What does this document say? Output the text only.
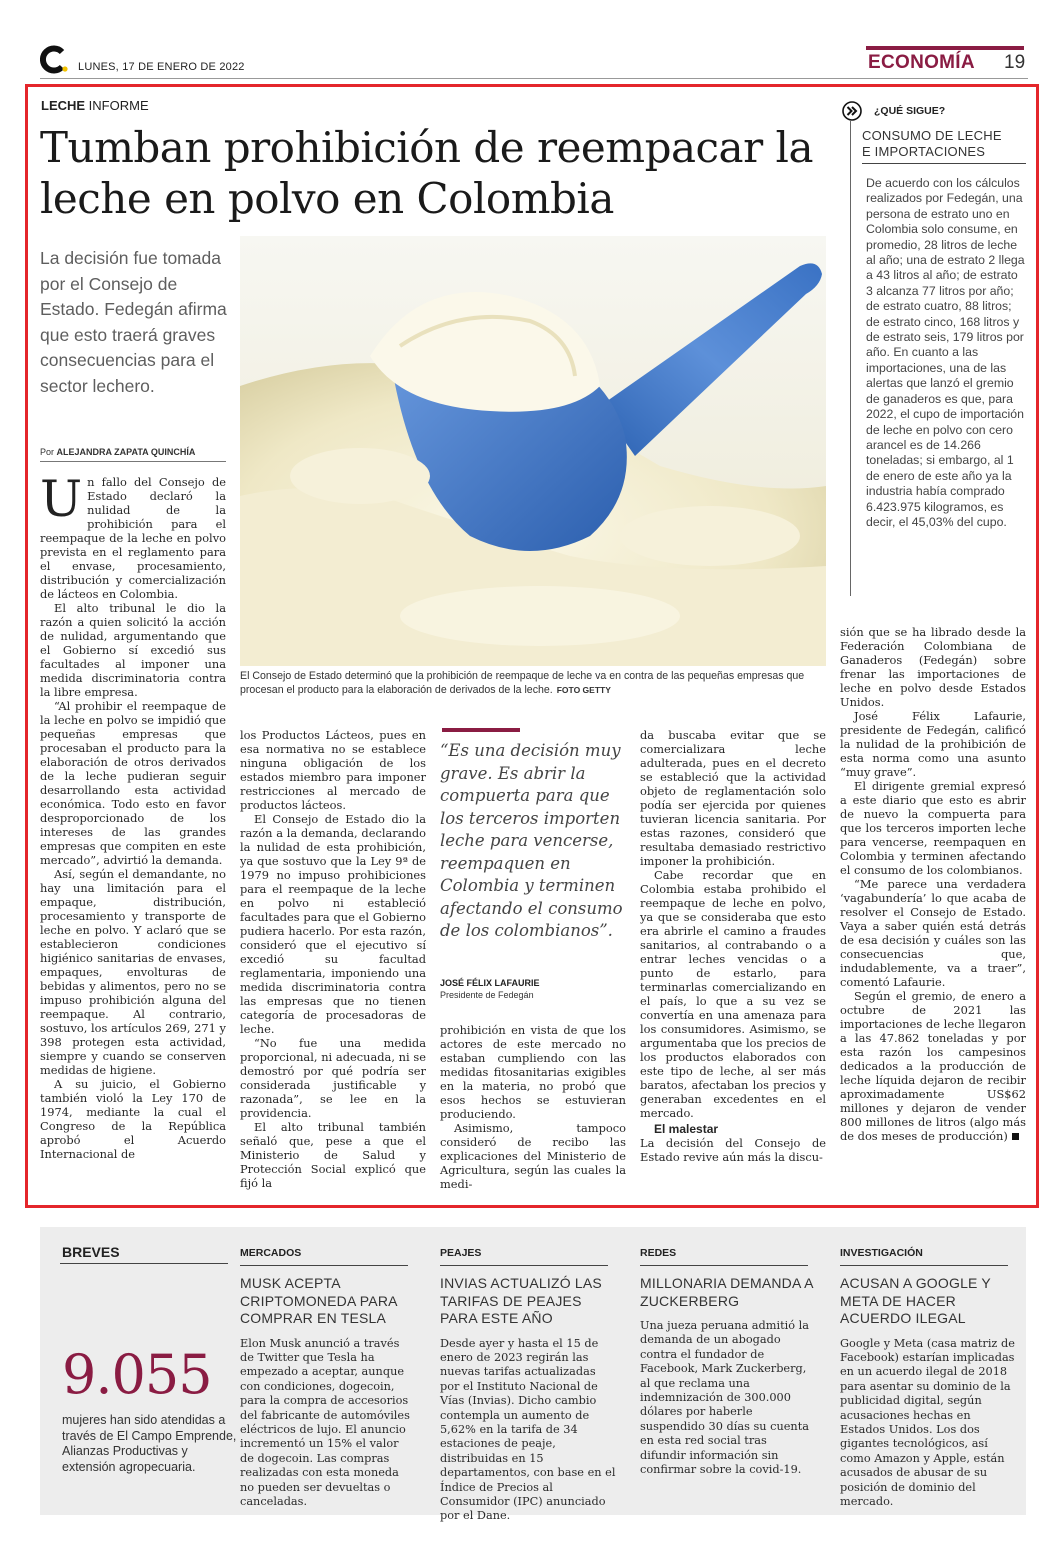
LUNES, 17 DE ENERO DE 2022	ECONOMÍA 19
LECHE INFORME
Tumban prohibición de reempacar la leche en polvo en Colombia
La decisión fue tomada por el Consejo de Estado. Fedegán afirma que esto traerá graves consecuencias para el sector lechero.
Por ALEJANDRA ZAPATA QUINCHÍA

Un fallo del Consejo de Estado declaró la nulidad de la prohibición para el reempaque de la leche en polvo prevista en el reglamento para el envase, procesamiento, distribución y comercialización de lácteos en Colombia.

El alto tribunal le dio la razón a quien solicitó la acción de nulidad, argumentando que el Gobierno sí excedió sus facultades al imponer una medida discriminatoria contra la libre empresa.

“Al prohibir el reempaque de la leche en polvo se impidió que pequeñas empresas que procesaban el producto para la elaboración de otros derivados de la leche pudieran seguir desarrollando esta actividad económica. Todo esto en favor desproporcionado de los intereses de las grandes empresas que compiten en este mercado”, advirtió la demanda.

Así, según el demandante, no hay una limitación para el empaque, distribución, procesamiento y transporte de leche en polvo. Y aclaró que se establecieron condiciones higiénico sanitarias de envases, empaques, envolturas de bebidas y alimentos, pero no se impuso prohibición alguna del reempaque. Al contrario, sostuvo, los artículos 269, 271 y 398 protegen esta actividad, siempre y cuando se conserven medidas de higiene.

A su juicio, el Gobierno también violó la Ley 170 de 1974, mediante la cual el Congreso de la República aprobó el Acuerdo Internacional de

El Consejo de Estado determinó que la prohibición de reempaque de leche va en contra de las pequeñas empresas que procesan el producto para la elaboración de derivados de la leche. FOTO GETTY

los Productos Lácteos, pues en esa normativa no se establece ninguna obligación de los estados miembro para imponer restricciones al mercado de productos lácteos.

El Consejo de Estado dio la razón a la demanda, declarando la nulidad de esta prohibición, ya que sostuvo que la Ley 9ª de 1979 no impuso prohibiciones para el reempaque de la leche en polvo ni estableció facultades para que el Gobierno pudiera hacerlo. Por esta razón, consideró que el ejecutivo sí excedió su facultad reglamentaria, imponiendo una medida discriminatoria contra las empresas que no tienen categoría de procesadoras de leche.

“No fue una medida proporcional, ni adecuada, ni se demostró por qué podría ser considerada justificable y razonada”, se lee en la providencia.

El alto tribunal también señaló que, pese a que el Ministerio de Salud y Protección Social explicó que fijó la

“Es una decisión muy grave. Es abrir la compuerta para que los terceros importen leche para vencerse, reempaquen en Colombia y terminen afectando el consumo de los colombianos”.
JOSÉ FÉLIX LAFAURIE
Presidente de Fedegán

prohibición en vista de que los actores de este mercado no estaban cumpliendo con las medidas fitosanitarias exigibles en la materia, no probó que esos hechos se estuvieran produciendo.

Asimismo, tampoco consideró de recibo las explicaciones del Ministerio de Agricultura, según las cuales la medi-

da buscaba evitar que se comercializara leche adulterada, pues en el decreto se estableció que la actividad objeto de reglamentación solo podía ser ejercida por quienes tuvieran licencia sanitaria. Por estas razones, consideró que resultaba demasiado restrictivo imponer la prohibición.

Cabe recordar que en Colombia estaba prohibido el reempaque de leche en polvo, ya que se consideraba que esto era abrirle el camino a fraudes sanitarios, al contrabando o a entrar leches vencidas o a punto de estarlo, para terminarlas comercializando en el país, lo que a su vez se convertía en una amenaza para los consumidores. Asimismo, se argumentaba que los precios de los productos elaborados con este tipo de leche, al ser más baratos, afectaban los precios y generaban excedentes en el mercado.

El malestar

La decisión del Consejo de Estado revive aún más la discu-

sión que se ha librado desde la Federación Colombiana de Ganaderos (Fedegán) sobre frenar las importaciones de leche en polvo desde Estados Unidos.

José Félix Lafaurie, presidente de Fedegán, calificó la nulidad de la prohibición de esta norma como una asunto “muy grave”.

El dirigente gremial expresó a este diario que esto es abrir de nuevo la compuerta para que los terceros importen leche para vencerse, reempaquen en Colombia y terminen afectando el consumo de los colombianos.

“Me parece una verdadera ‘vagabundería’ lo que acaba de resolver el Consejo de Estado. Vaya a saber quién está detrás de esa decisión y cuáles son las consecuencias que, indudablemente, va a traer”, comentó Lafaurie.

Según el gremio, de enero a octubre de 2021 las importaciones de leche llegaron a las 47.862 toneladas y por esta razón los campesinos dedicados a la producción de leche líquida dejaron de recibir aproximadamente US$62 millones y dejaron de vender 800 millones de litros (algo más de dos meses de producción)

¿QUÉ SIGUE?
CONSUMO DE LECHE
E IMPORTACIONES
De acuerdo con los cálculos realizados por Fedegán, una persona de estrato uno en Colombia solo consume, en promedio, 28 litros de leche al año; una de estrato 2 llega a 43 litros al año; de estrato 3 alcanza 77 litros por año; de estrato cuatro, 88 litros; de estrato cinco, 168 litros y de estrato seis, 179 litros por año. En cuanto a las importaciones, una de las alertas que lanzó el gremio de ganaderos es que, para 2022, el cupo de importación de leche en polvo con cero arancel es de 14.266 toneladas; si embargo, al 1 de enero de este año ya la industria había comprado 6.423.975 kilogramos, es decir, el 45,03% del cupo.
BREVES
9.055
mujeres han sido atendidas a través de El Campo Emprende, Alianzas Productivas y extensión agropecuaria.
MERCADOS
MUSK ACEPTA CRIPTOMONEDA PARA COMPRAR EN TESLA
Elon Musk anunció a través de Twitter que Tesla ha empezado a aceptar, aunque con condiciones, dogecoin, para la compra de accesorios del fabricante de automóviles eléctricos de lujo. El anuncio incrementó un 15% el valor de dogecoin. Las compras realizadas con esta moneda no pueden ser devueltas o canceladas.
PEAJES
INVIAS ACTUALIZÓ LAS TARIFAS DE PEAJES PARA ESTE AÑO
Desde ayer y hasta el 15 de enero de 2023 regirán las nuevas tarifas actualizadas por el Instituto Nacional de Vías (Invias). Dicho cambio contempla un aumento de 5,62% en la tarifa de 34 estaciones de peaje, distribuidas en 15 departamentos, con base en el Índice de Precios al Consumidor (IPC) anunciado por el Dane.
REDES
MILLONARIA DEMANDA A ZUCKERBERG
Una jueza peruana admitió la demanda de un abogado contra el fundador de Facebook, Mark Zuckerberg, al que reclama una indemnización de 300.000 dólares por haberle suspendido 30 días su cuenta en esta red social tras difundir información sin confirmar sobre la covid-19.
INVESTIGACIÓN
ACUSAN A GOOGLE Y META DE HACER ACUERDO ILEGAL
Google y Meta (casa matriz de Facebook) estarían implicadas en un acuerdo ilegal de 2018 para asentar su dominio de la publicidad digital, según acusaciones hechas en Estados Unidos. Los dos gigantes tecnológicos, así como Amazon y Apple, están acusados de abusar de su posición de dominio del mercado.
